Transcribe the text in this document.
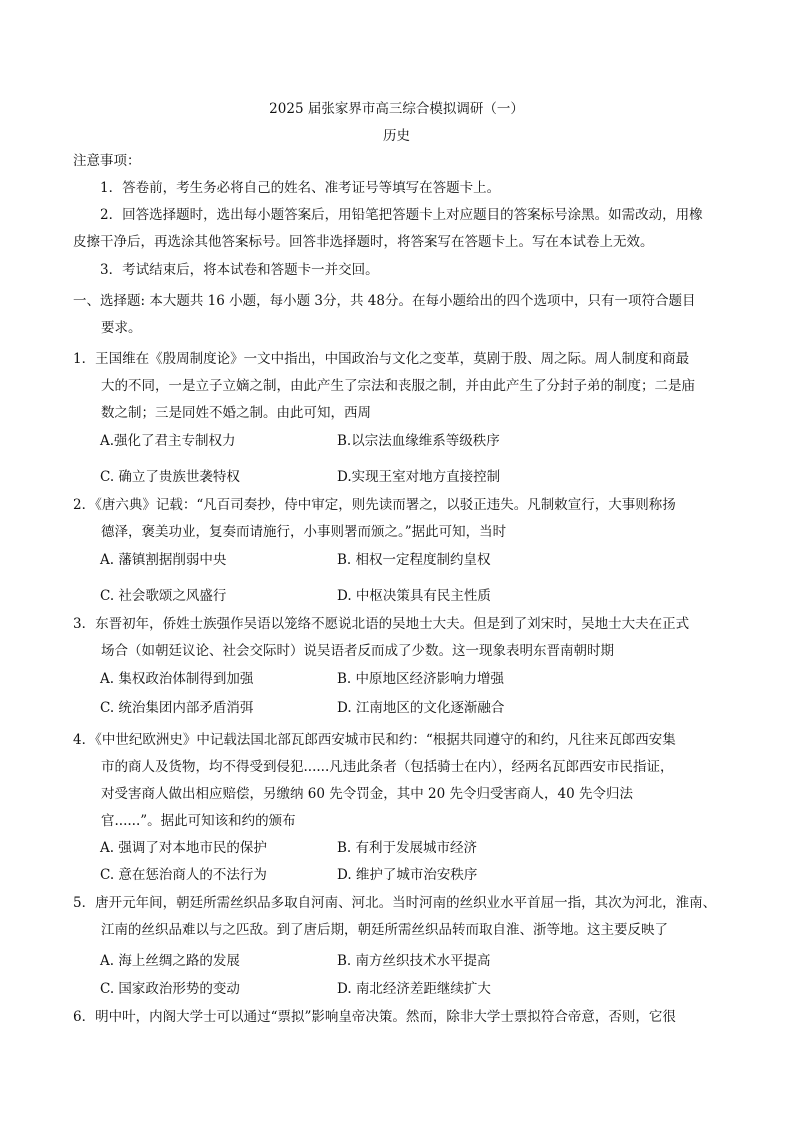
2025 届张家界市高三综合模拟调研（一）
历史
注意事项：
1．答卷前，考生务必将自己的姓名、准考证号等填写在答题卡上。
2．回答选择题时，选出每小题答案后，用铅笔把答题卡上对应题目的答案标号涂黑。如需改动，用橡
皮擦干净后，再选涂其他答案标号。回答非选择题时，将答案写在答题卡上。写在本试卷上无效。
3．考试结束后，将本试卷和答题卡一并交回。
一、选择题: 本大题共 16 小题，每小题 3分，共 48分。在每小题给出的四个选项中，只有一项符合题目
要求。
1．王国维在《殷周制度论》一文中指出，中国政治与文化之变革，莫剧于殷、周之际。周人制度和商最
大的不同，一是立子立嫡之制，由此产生了宗法和丧服之制，并由此产生了分封子弟的制度；二是庙
数之制；三是同姓不婚之制。由此可知，西周
A.强化了君主专制权力	B.以宗法血缘维系等级秩序
C. 确立了贵族世袭特权	D.实现王室对地方直接控制
2．《唐六典》记载：“凡百司奏抄，侍中审定，则先读而署之，以驳正违失。凡制敕宣行，大事则称扬
德泽，褒美功业，复奏而请施行，小事则署而颁之。”据此可知，当时
A. 藩镇割据削弱中央	B. 相权一定程度制约皇权
C. 社会歌颂之风盛行	D. 中枢决策具有民主性质
3．东晋初年，侨姓士族强作吴语以笼络不愿说北语的吴地士大夫。但是到了刘宋时，吴地士大夫在正式
场合（如朝廷议论、社会交际时）说吴语者反而成了少数。这一现象表明东晋南朝时期
A. 集权政治体制得到加强	B. 中原地区经济影响力增强
C. 统治集团内部矛盾消弭	D. 江南地区的文化逐渐融合
4．《中世纪欧洲史》中记载法国北部瓦郎西安城市民和约：“根据共同遵守的和约，凡往来瓦郎西安集
市的商人及货物，均不得受到侵犯......凡违此条者（包括骑士在内），经两名瓦郎西安市民指证，
对受害商人做出相应赔偿，另缴纳 60 先令罚金，其中 20 先令归受害商人，40 先令归法
官......”。据此可知该和约的颁布
A. 强调了对本地市民的保护	B. 有利于发展城市经济
C. 意在惩治商人的不法行为	D. 维护了城市治安秩序
5．唐开元年间，朝廷所需丝织品多取自河南、河北。当时河南的丝织业水平首屈一指，其次为河北，淮南、
江南的丝织品难以与之匹敌。到了唐后期，朝廷所需丝织品转而取自淮、浙等地。这主要反映了
A. 海上丝绸之路的发展	B. 南方丝织技术水平提高
C. 国家政治形势的变动	D. 南北经济差距继续扩大
6．明中叶，内阁大学士可以通过“票拟”影响皇帝决策。然而，除非大学士票拟符合帝意，否则，它很
